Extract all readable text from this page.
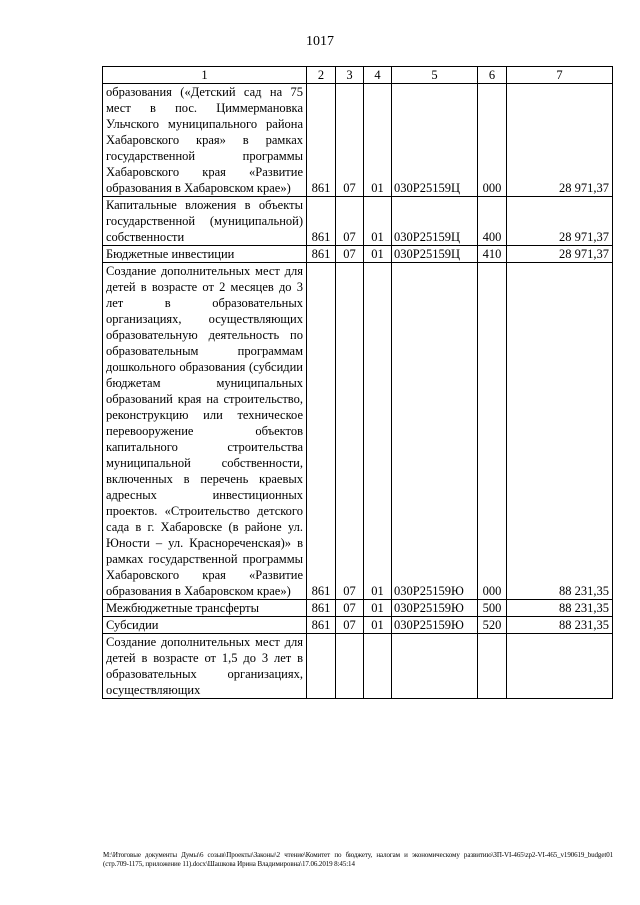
1017
1	2	3	4	5	6	7
образования («Детский сад на 75 мест в пос. Циммермановка Ульчского муниципального района Хабаровского края» в рамках государственной программы Хабаровского края «Развитие образования в Хабаровском крае»)	861	07	01	030Р25159Ц	000	28 971,37
Капитальные вложения в объекты государственной (муниципальной) собственности	861	07	01	030Р25159Ц	400	28 971,37
Бюджетные инвестиции	861	07	01	030Р25159Ц	410	28 971,37
Создание дополнительных мест для детей в возрасте от 2 месяцев до 3 лет в образовательных организациях, осуществляющих образовательную деятельность по образовательным программам дошкольного образования (субсидии бюджетам муниципальных образований края на строительство, реконструкцию или техническое перевооружение объектов капитального строительства муниципальной собственности, включенных в перечень краевых адресных инвестиционных проектов. «Строительство детского сада в г. Хабаровске (в районе ул. Юности – ул. Краснореченская)» в рамках государственной программы Хабаровского края «Развитие образования в Хабаровском крае»)	861	07	01	030Р25159Ю	000	88 231,35
Межбюджетные трансферты	861	07	01	030Р25159Ю	500	88 231,35
Субсидии	861	07	01	030Р25159Ю	520	88 231,35
Создание дополнительных мест для детей в возрасте от 1,5 до 3 лет в образовательных организациях, осуществляющих						
M:\Итоговые документы Думы\6 созыв\Проекты\Законы\2 чтение\Комитет по бюджету, налогам и экономическому развитию\ЗП-VI-465\zp2-VI-465_v190619_budget01 (стр.709-1175, приложение 11).docx\Шашкова Ирина Владимировна\17.06.2019 8:45:14
